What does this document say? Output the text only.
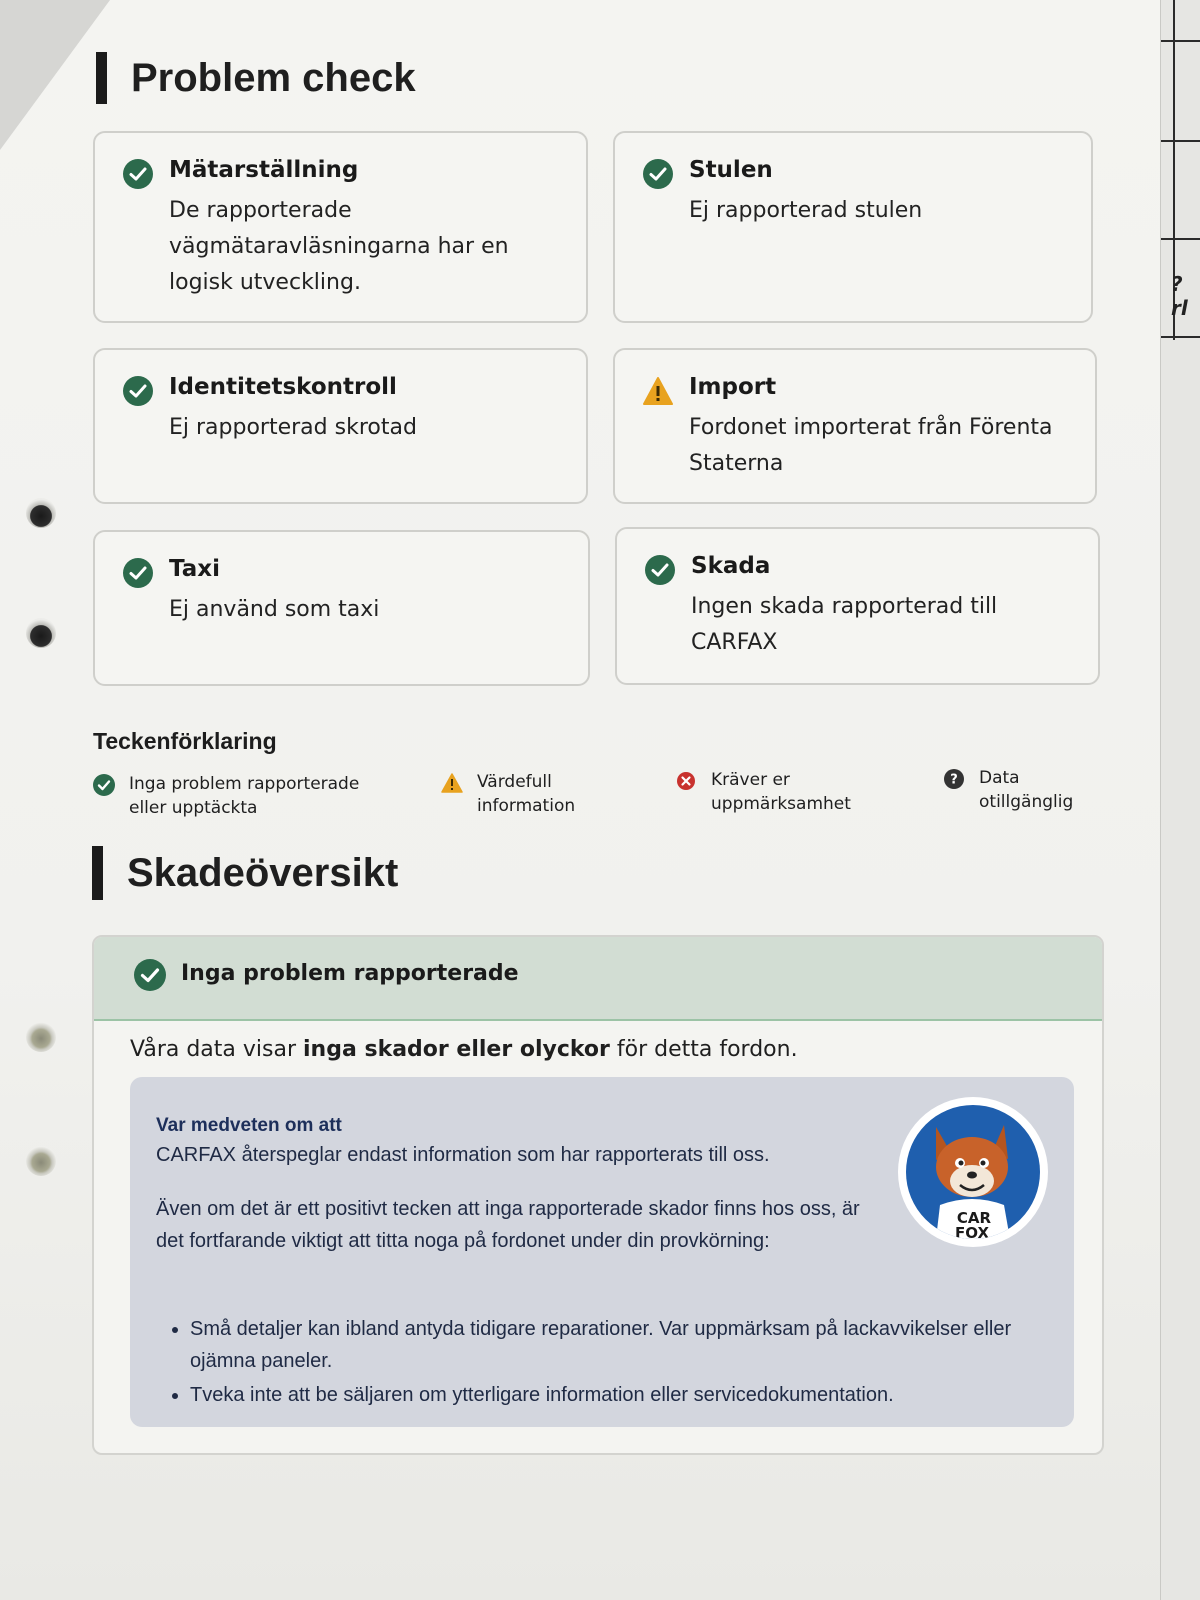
Problem check
Mätarställning
De rapporterade vägmätaravläsningarna har en logisk utveckling.
Stulen
Ej rapporterad stulen
Identitetskontroll
Ej rapporterad skrotad
Import
Fordonet importerat från Förenta Staterna
Taxi
Ej använd som taxi
Skada
Ingen skada rapporterad till CARFAX
Teckenförklaring
Inga problem rapporterade eller upptäckta
Värdefull information
Kräver er uppmärksamhet
? Data otillgänglig
Skadeöversikt
Inga problem rapporterade
Våra data visar inga skador eller olyckor för detta fordon.
Var medveten om att
CARFAX återspeglar endast information som har rapporterats till oss.
Även om det är ett positivt tecken att inga rapporterade skador finns hos oss, är det fortfarande viktigt att titta noga på fordonet under din provkörning:
• Små detaljer kan ibland antyda tidigare reparationer. Var uppmärksam på lackavvikelser eller ojämna paneler.
• Tveka inte att be säljaren om ytterligare information eller servicedokumentation.
CAR
FOX
? rl
